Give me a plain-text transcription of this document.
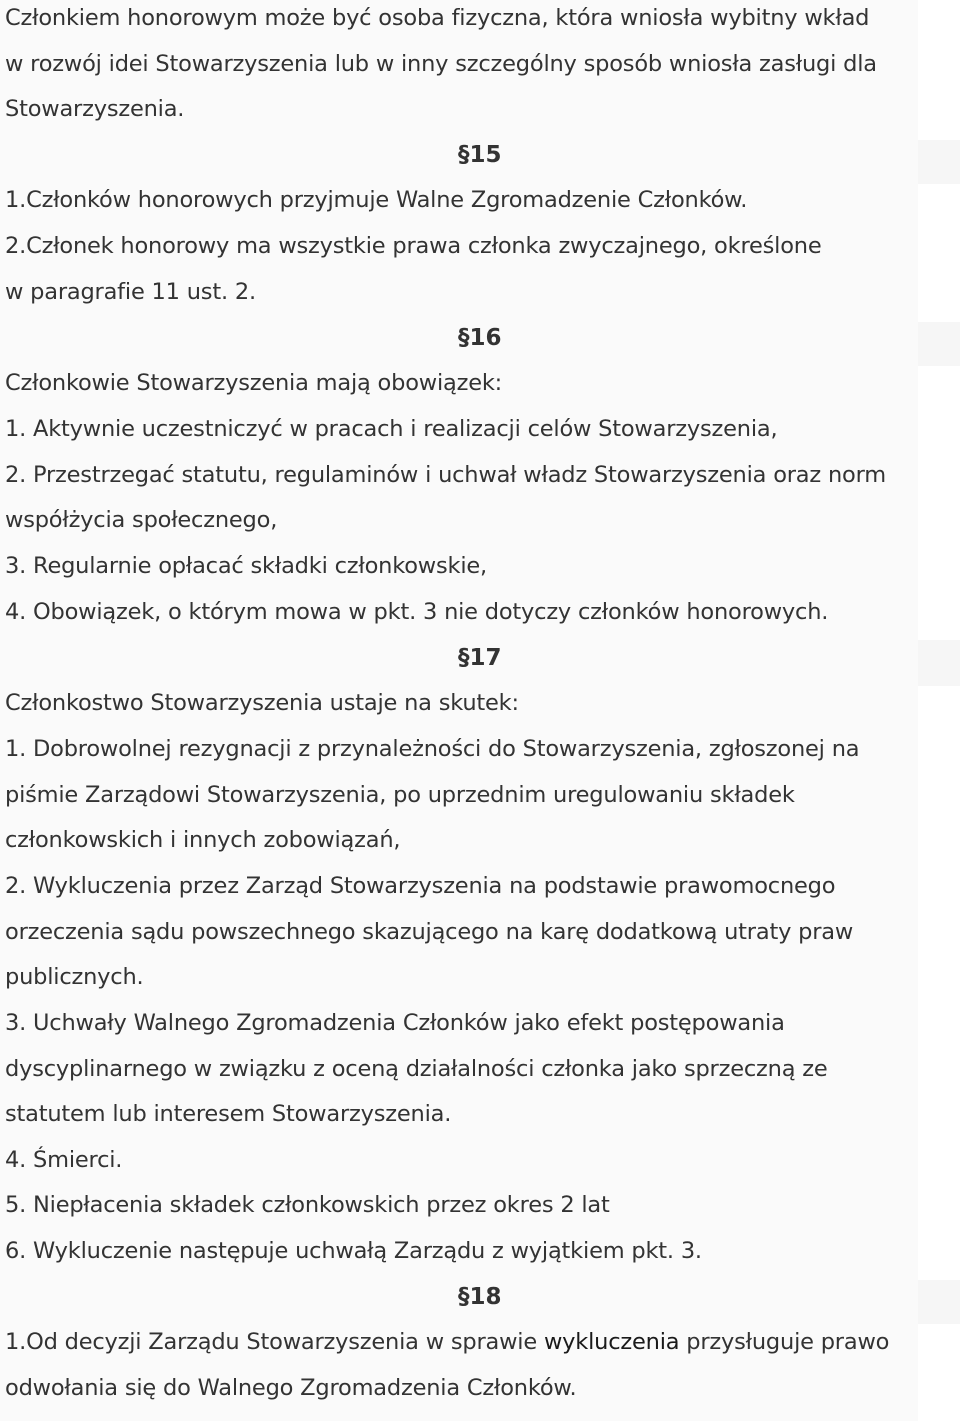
Członkiem honorowym może być osoba fizyczna, która wniosła wybitny wkład
w rozwój idei Stowarzyszenia lub w inny szczególny sposób wniosła zasługi dla
Stowarzyszenia.
§15
1.Członków honorowych przyjmuje Walne Zgromadzenie Członków.
2.Członek honorowy ma wszystkie prawa członka zwyczajnego, określone
w paragrafie 11 ust. 2.
§16
Członkowie Stowarzyszenia mają obowiązek:
1. Aktywnie uczestniczyć w pracach i realizacji celów Stowarzyszenia,
2. Przestrzegać statutu, regulaminów i uchwał władz Stowarzyszenia oraz norm
współżycia społecznego,
3. Regularnie opłacać składki członkowskie,
4. Obowiązek, o którym mowa w pkt. 3 nie dotyczy członków honorowych.
§17
Członkostwo Stowarzyszenia ustaje na skutek:
1. Dobrowolnej rezygnacji z przynależności do Stowarzyszenia, zgłoszonej na
piśmie Zarządowi Stowarzyszenia, po uprzednim uregulowaniu składek
członkowskich i innych zobowiązań,
2. Wykluczenia przez Zarząd Stowarzyszenia na podstawie prawomocnego
orzeczenia sądu powszechnego skazującego na karę dodatkową utraty praw
publicznych.
3. Uchwały Walnego Zgromadzenia Członków jako efekt postępowania
dyscyplinarnego w związku z oceną działalności członka jako sprzeczną ze
statutem lub interesem Stowarzyszenia.
4. Śmierci.
5. Niepłacenia składek członkowskich przez okres 2 lat
6. Wykluczenie następuje uchwałą Zarządu z wyjątkiem pkt. 3.
§18
1.Od decyzji Zarządu Stowarzyszenia w sprawie wykluczenia przysługuje prawo
odwołania się do Walnego Zgromadzenia Członków.
